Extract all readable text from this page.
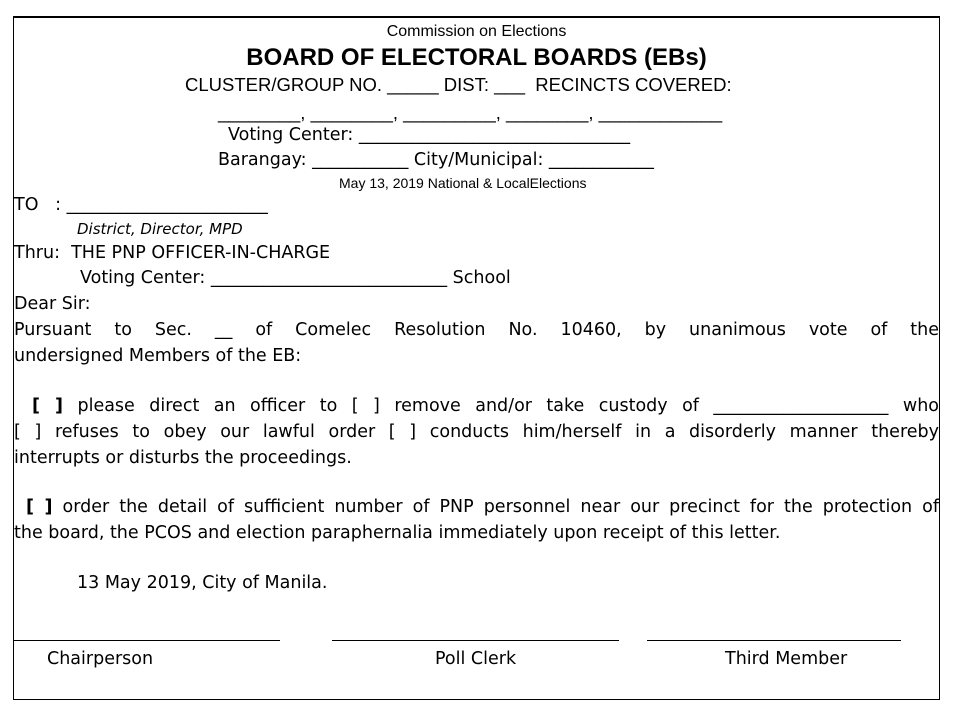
Commission on Elections
BOARD OF ELECTORAL BOARDS (EBs)
CLUSTER/GROUP NO. _____ DIST: ___  RECINCTS COVERED:
________, ________, _________, ________, ____________
Voting Center: _______________________________
Barangay: ___________ City/Municipal: ____________
May 13, 2019 National & LocalElections
TO   : _______________________
District, Director, MPD
Thru:  THE PNP OFFICER-IN-CHARGE
Voting Center: ___________________________ School
Dear Sir:
Pursuant to Sec. __ of Comelec Resolution No. 10460, by unanimous vote of the
undersigned Members of the EB:
[ ] please direct an officer to [ ] remove and/or take custody of ____________________ who
[ ] refuses to obey our lawful order [ ] conducts him/herself in a disorderly manner thereby
interrupts or disturbs the proceedings.
[ ] order the detail of sufficient number of PNP personnel near our precinct for the protection of
the board, the PCOS and election paraphernalia immediately upon receipt of this letter.
13 May 2019, City of Manila.
Chairperson	Poll Clerk	Third Member
